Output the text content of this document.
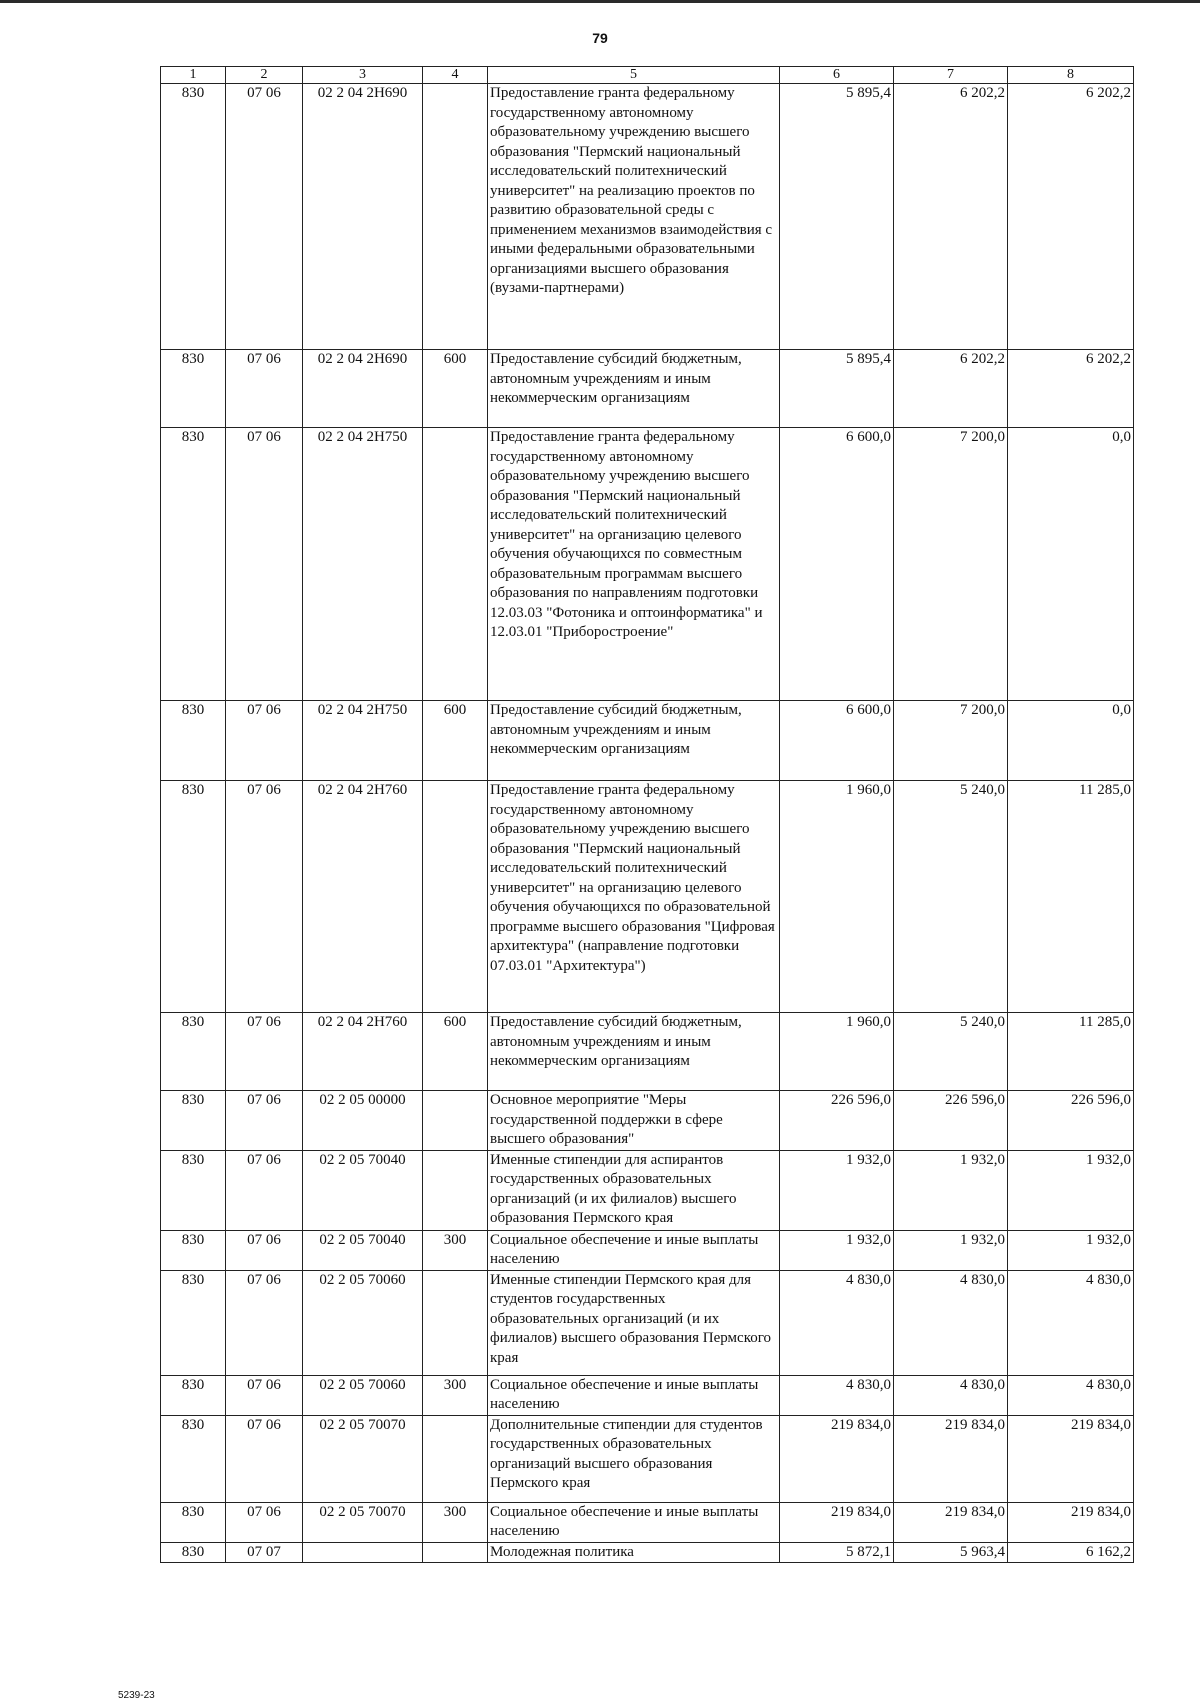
79
1	2	3	4	5	6	7	8
830	07 06	02 2 04 2Н690		Предоставление гранта федеральному государственному автономному образовательному учреждению высшего образования "Пермский национальный исследовательский политехнический университет" на реализацию проектов по развитию образовательной среды с применением механизмов взаимодействия с иными федеральными образовательными организациями высшего образования (вузами-партнерами)	5 895,4	6 202,2	6 202,2
830	07 06	02 2 04 2Н690	600	Предоставление субсидий бюджетным, автономным учреждениям и иным некоммерческим организациям	5 895,4	6 202,2	6 202,2
830	07 06	02 2 04 2Н750		Предоставление гранта федеральному государственному автономному образовательному учреждению высшего образования "Пермский национальный исследовательский политехнический университет" на организацию целевого обучения обучающихся по совместным образовательным программам высшего образования по направлениям подготовки 12.03.03 "Фотоника и оптоинформатика" и 12.03.01 "Приборостроение"	6 600,0	7 200,0	0,0
830	07 06	02 2 04 2Н750	600	Предоставление субсидий бюджетным, автономным учреждениям и иным некоммерческим организациям	6 600,0	7 200,0	0,0
830	07 06	02 2 04 2Н760		Предоставление гранта федеральному государственному автономному образовательному учреждению высшего образования "Пермский национальный исследовательский политехнический университет" на организацию целевого обучения обучающихся по образовательной программе высшего образования "Цифровая архитектура" (направление подготовки 07.03.01 "Архитектура")	1 960,0	5 240,0	11 285,0
830	07 06	02 2 04 2Н760	600	Предоставление субсидий бюджетным, автономным учреждениям и иным некоммерческим организациям	1 960,0	5 240,0	11 285,0
830	07 06	02 2 05 00000		Основное мероприятие "Меры государственной поддержки в сфере высшего образования"	226 596,0	226 596,0	226 596,0
830	07 06	02 2 05 70040		Именные стипендии для аспирантов государственных образовательных организаций (и их филиалов) высшего образования Пермского края	1 932,0	1 932,0	1 932,0
830	07 06	02 2 05 70040	300	Социальное обеспечение и иные выплаты населению	1 932,0	1 932,0	1 932,0
830	07 06	02 2 05 70060		Именные стипендии Пермского края для студентов государственных образовательных организаций (и их филиалов) высшего образования Пермского края	4 830,0	4 830,0	4 830,0
830	07 06	02 2 05 70060	300	Социальное обеспечение и иные выплаты населению	4 830,0	4 830,0	4 830,0
830	07 06	02 2 05 70070		Дополнительные стипендии для студентов государственных образовательных организаций высшего образования Пермского края	219 834,0	219 834,0	219 834,0
830	07 06	02 2 05 70070	300	Социальное обеспечение и иные выплаты населению	219 834,0	219 834,0	219 834,0
830	07 07			Молодежная политика	5 872,1	5 963,4	6 162,2
5239-23
